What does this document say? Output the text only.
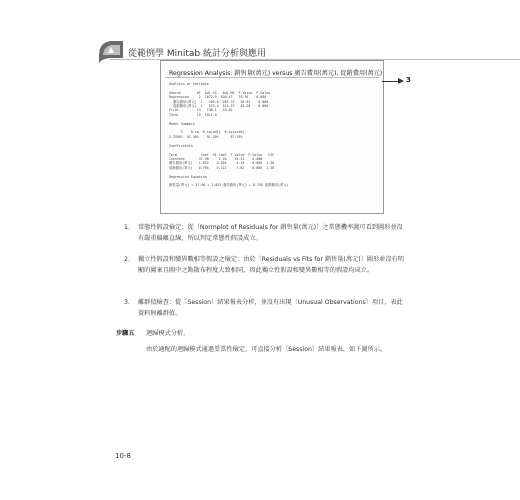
從範例學 Minitab 統計分析與應用
Regression Analysis: 銷售量(萬元) versus 廣告費用(萬元), 促銷費用(萬元)
Analysis of Variance

Source        DF  Adj SS   Adj MS  F-Value  P-Value
Regression     2  1672.9  836.47   78.76    0.000
廣告費用(萬元)  1   285.8  285.75   26.91    0.000
促銷費用(萬元)  1   523.4  523.37   49.28    0.000
Error         13   138.1   10.62
Total         15  1811.0

Model Summary

S    R-sq  R-sq(adj)  R-sq(pred)
3.25901  92.38%    91.20%      87.76%

Coefficients

Term            Coef  SE Coef  T-Value  P-Value   VIF
Constant       37.90     2.44    15.51    0.000
廣告費用(萬元)   1.052    0.203     5.19    0.000  1.30
促銷費用(萬元)   0.795    0.113     7.02    0.000  1.30

Regression Equation

銷售量(萬元) = 37.90 + 1.052 廣告費用(萬元) + 0.795 促銷費用(萬元)
3
1. 常態性假設檢定：從〔Normplot of Residuals for 銷售量(萬元)〕之常態機率圖可看到圖形並沒有嚴重偏離直線，所以判定常態性假設成立。
2. 獨立性假設和變異數相等假設之檢定：由於〔Residuals vs Fits for 銷售量(萬元)〕圖形並沒有明顯的圖案且圖中之點散布程度大致相同，因此獨立性假設和變異數相等的假設均成立。
3. 離群值檢查：從〔Session〕結果報表分析，並沒有出現〔Unusual Observations〕項目，表此資料無離群值。
步驟五 迴歸模式分析。
由於適配的迴歸模式通過妥當性檢定，可直接分析〔Session〕結果報表，如下圖所示。
10-8
